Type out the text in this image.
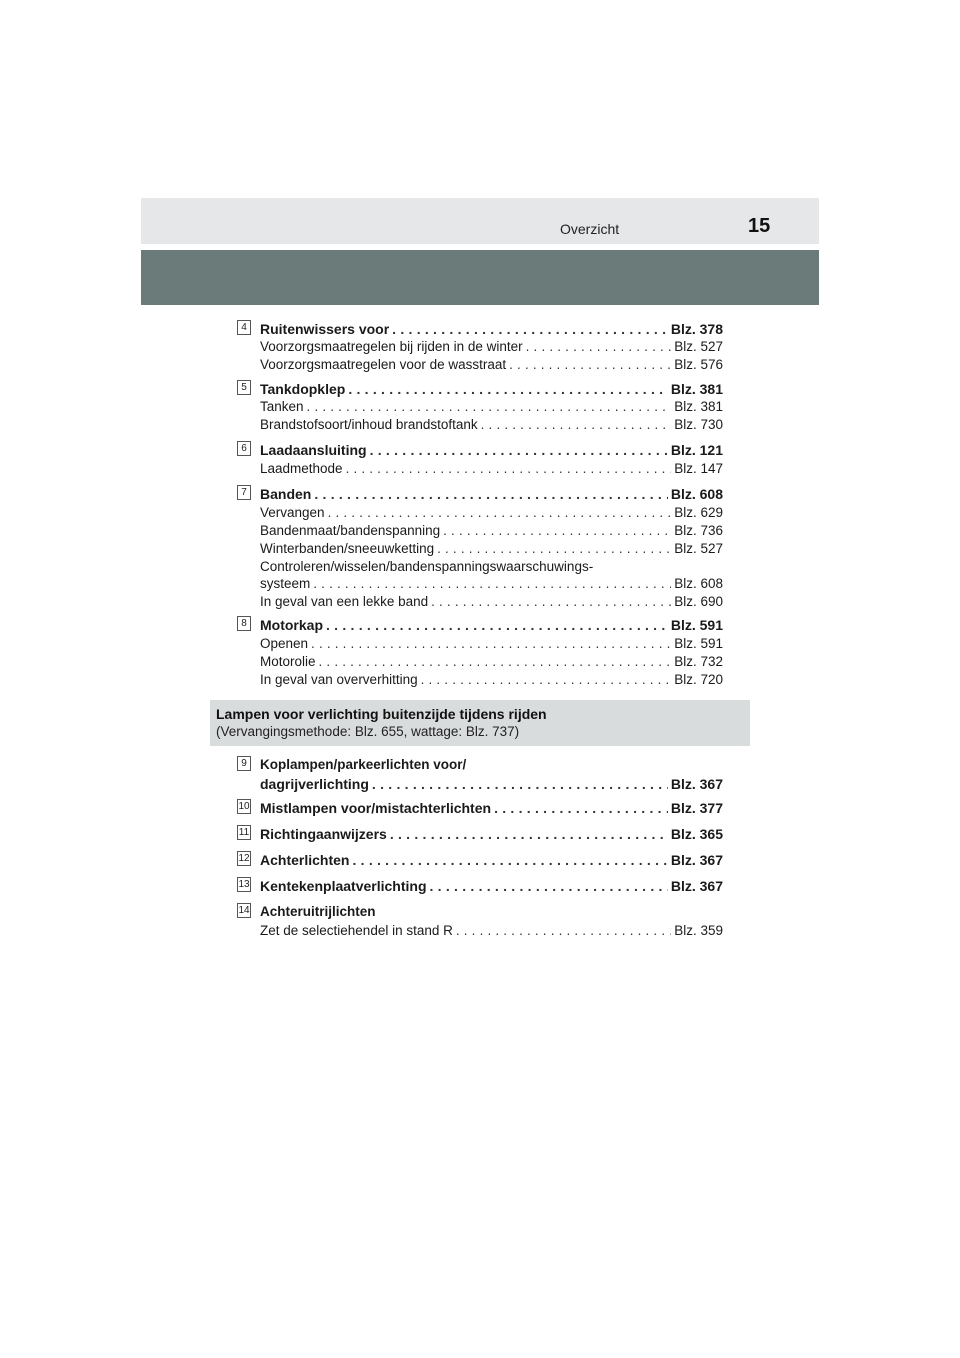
Overzicht	15
4 Ruitenwissers voor . . .	Blz. 378
Voorzorgsmaatregelen bij rijden in de winter . . .	Blz. 527
Voorzorgsmaatregelen voor de wasstraat . . .	Blz. 576
5 Tankdopklep . . .	Blz. 381
Tanken . . .	Blz. 381
Brandstofsoort/inhoud brandstoftank . . .	Blz. 730
6 Laadaansluiting . . .	Blz. 121
Laadmethode . . .	Blz. 147
7 Banden . . .	Blz. 608
Vervangen . . .	Blz. 629
Bandenmaat/bandenspanning . . .	Blz. 736
Winterbanden/sneeuwketting . . .	Blz. 527
Controleren/wisselen/bandenspanningswaarschuwings-
systeem . . .	Blz. 608
In geval van een lekke band . . .	Blz. 690
8 Motorkap . . .	Blz. 591
Openen . . .	Blz. 591
Motorolie . . .	Blz. 732
In geval van oververhitting . . .	Blz. 720
Lampen voor verlichting buitenzijde tijdens rijden
(Vervangingsmethode: Blz. 655, wattage: Blz. 737)
9 Koplampen/parkeerlichten voor/
dagrijverlichting . . .	Blz. 367
10 Mistlampen voor/mistachterlichten . . .	Blz. 377
11 Richtingaanwijzers . . .	Blz. 365
12 Achterlichten . . .	Blz. 367
13 Kentekenplaatverlichting . . .	Blz. 367
14 Achteruitrijlichten
Zet de selectiehendel in stand R . . .	Blz. 359
